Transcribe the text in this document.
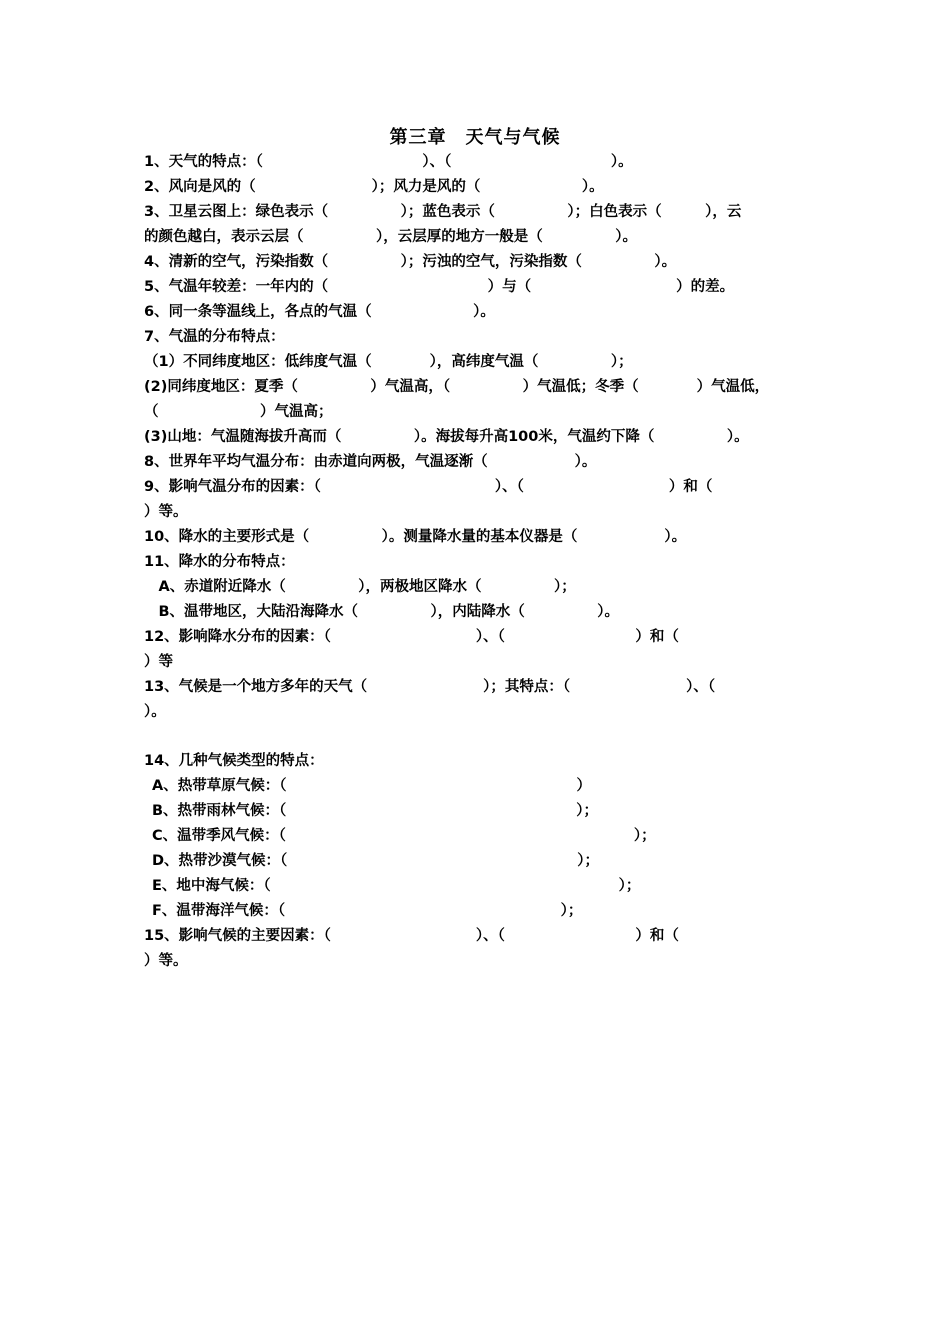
第三章　天气与气候
1、天气的特点：（　　　　　　　　　　　）、（　　　　　　　　　　　）。
2、风向是风的（　　　　　　　　）；风力是风的（　　　　　　　）。
3、卫星云图上：绿色表示（　　　　　）；蓝色表示（　　　　　）；白色表示（　　　），云
的颜色越白，表示云层（　　　　　），云层厚的地方一般是（　　　　　）。
4、清新的空气，污染指数（　　　　　）；污浊的空气，污染指数（　　　　　）。
5、气温年较差：一年内的（　　　　　　　　　　　）与（　　　　　　　　　　）的差。
6、同一条等温线上，各点的气温（　　　　　　　）。
7、气温的分布特点：
（1）不同纬度地区：低纬度气温（　　　　），高纬度气温（　　　　　）；
(2)同纬度地区：夏季（　　　　　）气温高，（　　　　　）气温低；冬季（　　　　）气温低，
（　　　　　　　）气温高；
(3)山地：气温随海拔升高而（　　　　　）。海拔每升高100米，气温约下降（　　　　　）。
8、世界年平均气温分布：由赤道向两极，气温逐渐（　　　　　　）。
9、影响气温分布的因素：（　　　　　　　　　　　　）、（　　　　　　　　　　）和（
）等。
10、降水的主要形式是（　　　　　）。测量降水量的基本仪器是（　　　　　　）。
11、降水的分布特点：
　A、赤道附近降水（　　　　　），两极地区降水（　　　　　）；
　B、温带地区，大陆沿海降水（　　　　　），内陆降水（　　　　　）。
12、影响降水分布的因素：（　　　　　　　　　　）、（　　　　　　　　　）和（
）等
13、气候是一个地方多年的天气（　　　　　　　　）；其特点：（　　　　　　　　）、（
）。
14、几种气候类型的特点：
A、热带草原气候：（　　　　　　　　　　　　　　　　　　　　）
B、热带雨林气候：（　　　　　　　　　　　　　　　　　　　　）；
C、温带季风气候：（　　　　　　　　　　　　　　　　　　　　　　　　）；
D、热带沙漠气候：（　　　　　　　　　　　　　　　　　　　　）；
E、地中海气候：（　　　　　　　　　　　　　　　　　　　　　　　　）；
F、温带海洋气候：（　　　　　　　　　　　　　　　　　　　）；
15、影响气候的主要因素：（　　　　　　　　　　）、（　　　　　　　　　）和（
）等。
